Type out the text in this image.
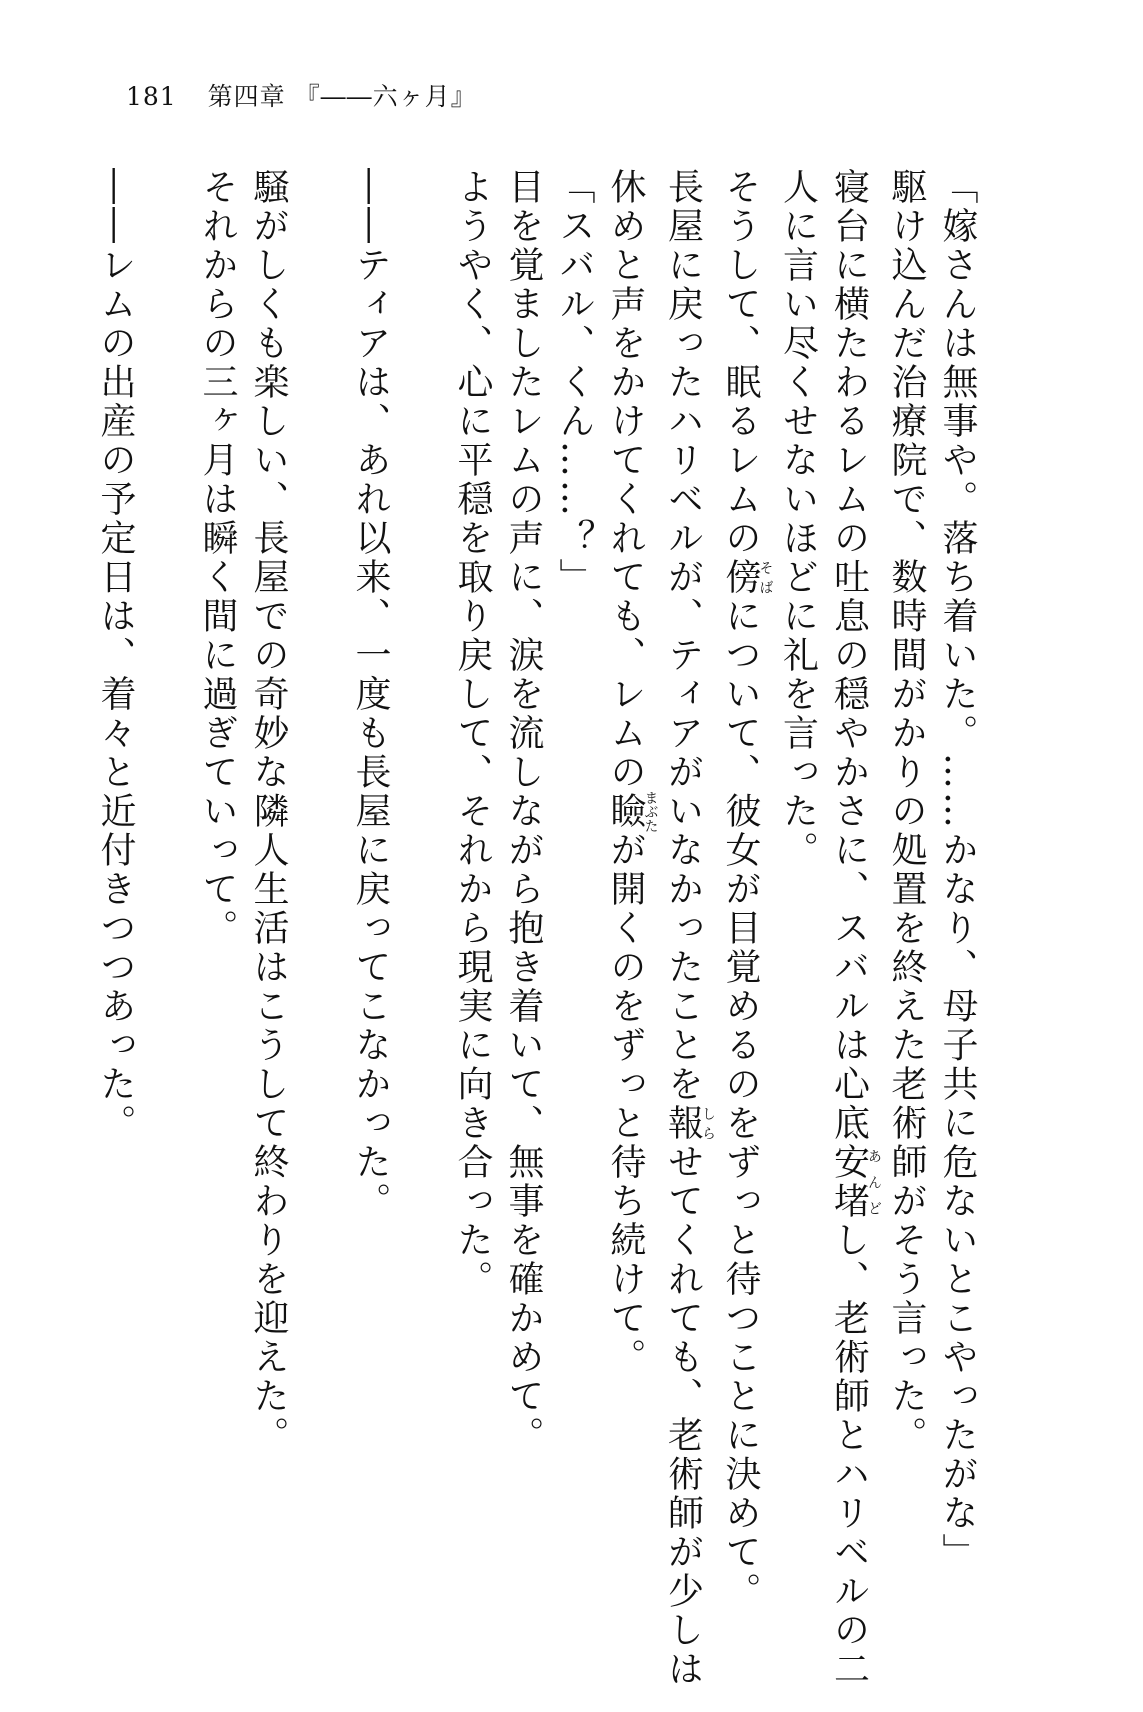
181 第四章 『――六ヶ月』
「嫁さんは無事や。落ち着いた。……かなり、母子共に危ないとこやったがな」
駆け込んだ治療院で、数時間がかりの処置を終えた老術師がそう言った。
寝台に横たわるレムの吐息の穏やかさに、スバルは心底安堵あんどし、老術師とハリベルの二
人に言い尽くせないほどに礼を言った。
そうして、眠るレムの傍そばについて、彼女が目覚めるのをずっと待つことに決めて。
長屋に戻ったハリベルが、ティアがいなかったことを報しらせてくれても、老術師が少しは
休めと声をかけてくれても、レムの瞼まぶたが開くのをずっと待ち続けて。
「スバル、くん……？」
目を覚ましたレムの声に、涙を流しながら抱き着いて、無事を確かめて。
ようやく、心に平穏を取り戻して、それから現実に向き合った。
――ティアは、あれ以来、一度も長屋に戻ってこなかった。
騒がしくも楽しい、長屋での奇妙な隣人生活はこうして終わりを迎えた。
それからの三ヶ月は瞬く間に過ぎていって。
――レムの出産の予定日は、着々と近付きつつあった。
